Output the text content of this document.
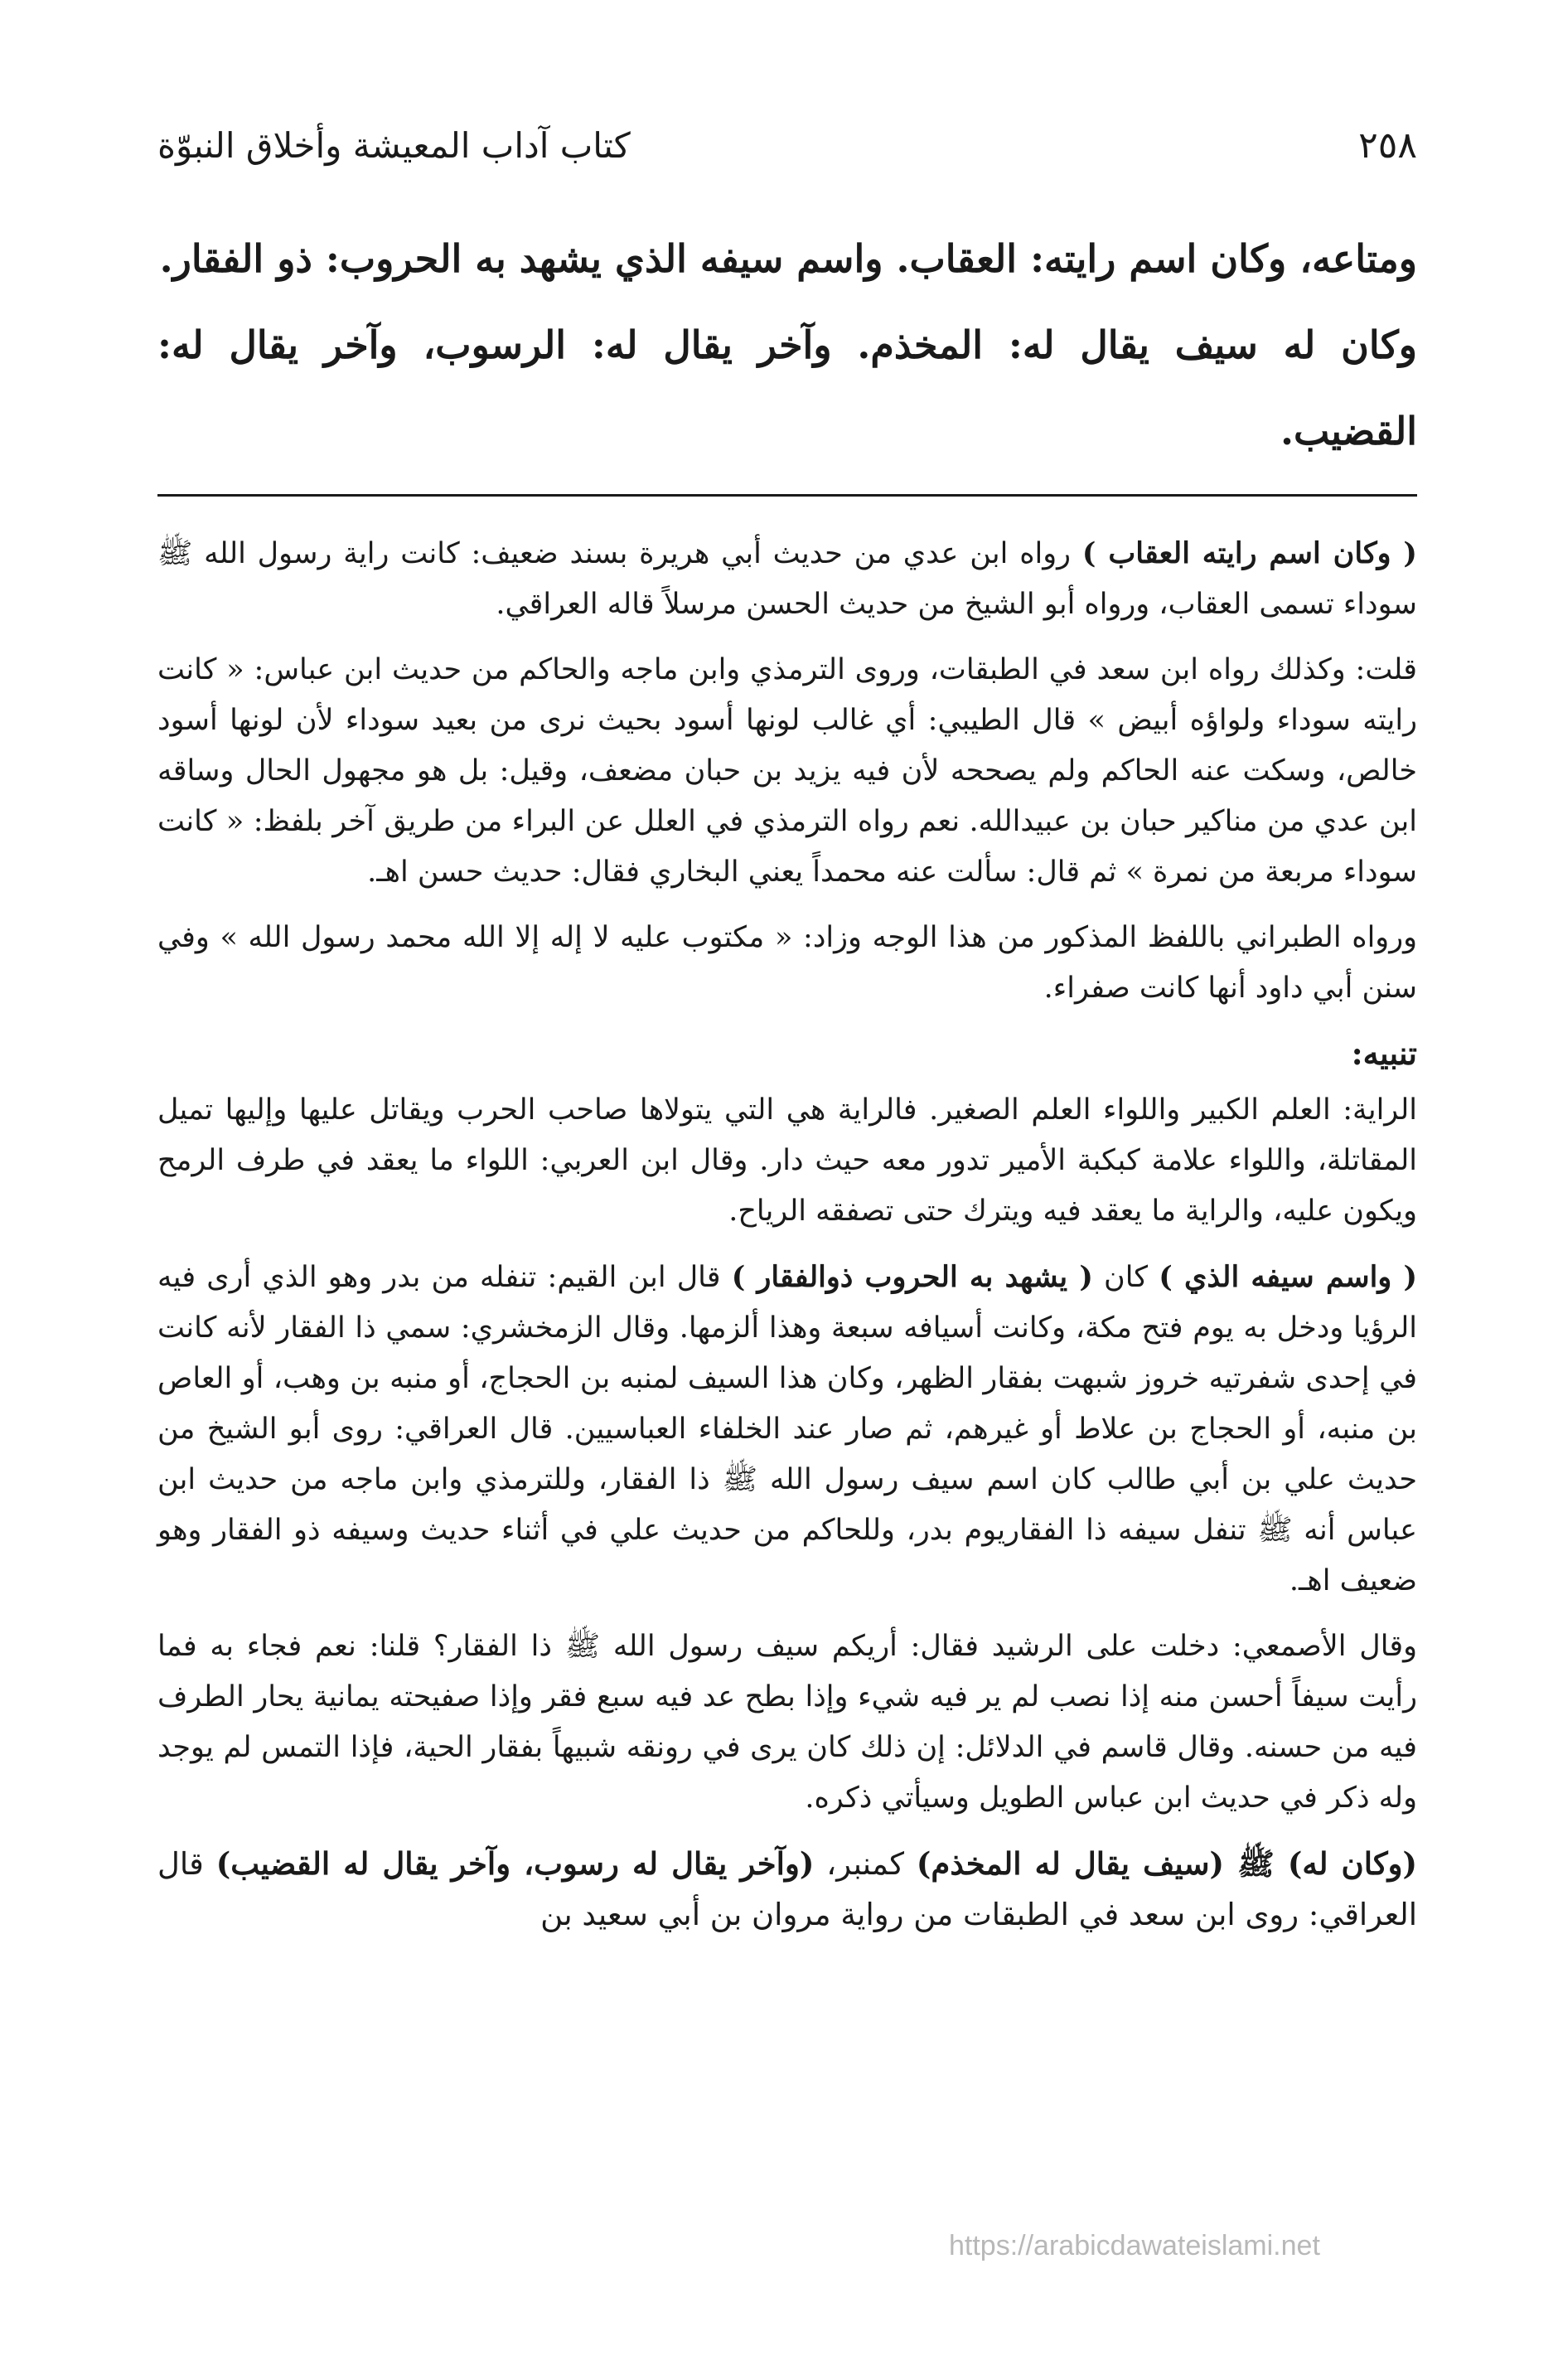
٢٥٨
كتاب آداب المعيشة وأخلاق النبوّة

ومتاعه، وكان اسم رايته: العقاب. واسم سيفه الذي يشهد به الحروب: ذو الفقار.

وكان له سيف يقال له: المخذم. وآخر يقال له: الرسوب، وآخر يقال له: القضيب.

( وكان اسم رايته العقاب ) رواه ابن عدي من حديث أبي هريرة بسند ضعيف: كانت راية رسول الله ﷺ سوداء تسمى العقاب، ورواه أبو الشيخ من حديث الحسن مرسلاً قاله العراقي.

قلت: وكذلك رواه ابن سعد في الطبقات، وروى الترمذي وابن ماجه والحاكم من حديث ابن عباس: « كانت رايته سوداء ولواؤه أبيض » قال الطيبي: أي غالب لونها أسود بحيث نرى من بعيد سوداء لأن لونها أسود خالص، وسكت عنه الحاكم ولم يصححه لأن فيه يزيد بن حبان مضعف، وقيل: بل هو مجهول الحال وساقه ابن عدي من مناكير حبان بن عبيدالله. نعم رواه الترمذي في العلل عن البراء من طريق آخر بلفظ: « كانت سوداء مربعة من نمرة » ثم قال: سألت عنه محمداً يعني البخاري فقال: حديث حسن اهـ.

ورواه الطبراني باللفظ المذكور من هذا الوجه وزاد: « مكتوب عليه لا إله إلا الله محمد رسول الله » وفي سنن أبي داود أنها كانت صفراء.

تنبيه:

الراية: العلم الكبير واللواء العلم الصغير. فالراية هي التي يتولاها صاحب الحرب ويقاتل عليها وإليها تميل المقاتلة، واللواء علامة كبكبة الأمير تدور معه حيث دار. وقال ابن العربي: اللواء ما يعقد في طرف الرمح ويكون عليه، والراية ما يعقد فيه ويترك حتى تصفقه الرياح.

( واسم سيفه الذي ) كان ( يشهد به الحروب ذوالفقار ) قال ابن القيم: تنفله من بدر وهو الذي أرى فيه الرؤيا ودخل به يوم فتح مكة، وكانت أسيافه سبعة وهذا ألزمها. وقال الزمخشري: سمي ذا الفقار لأنه كانت في إحدى شفرتيه خروز شبهت بفقار الظهر، وكان هذا السيف لمنبه بن الحجاج، أو منبه بن وهب، أو العاص بن منبه، أو الحجاج بن علاط أو غيرهم، ثم صار عند الخلفاء العباسيين. قال العراقي: روى أبو الشيخ من حديث علي بن أبي طالب كان اسم سيف رسول الله ﷺ ذا الفقار، وللترمذي وابن ماجه من حديث ابن عباس أنه ﷺ تنفل سيفه ذا الفقاريوم بدر، وللحاكم من حديث علي في أثناء حديث وسيفه ذو الفقار وهو ضعيف اهـ.

وقال الأصمعي: دخلت على الرشيد فقال: أريكم سيف رسول الله ﷺ ذا الفقار؟ قلنا: نعم فجاء به فما رأيت سيفاً أحسن منه إذا نصب لم ير فيه شيء وإذا بطح عد فيه سبع فقر وإذا صفيحته يمانية يحار الطرف فيه من حسنه. وقال قاسم في الدلائل: إن ذلك كان يرى في رونقه شبيهاً بفقار الحية، فإذا التمس لم يوجد وله ذكر في حديث ابن عباس الطويل وسيأتي ذكره.

(وكان له) ﷺ (سيف يقال له المخذم) كمنبر، (وآخر يقال له رسوب، وآخر يقال له القضيب) قال العراقي: روى ابن سعد في الطبقات من رواية مروان بن أبي سعيد بن

https://arabicdawateislami.net
